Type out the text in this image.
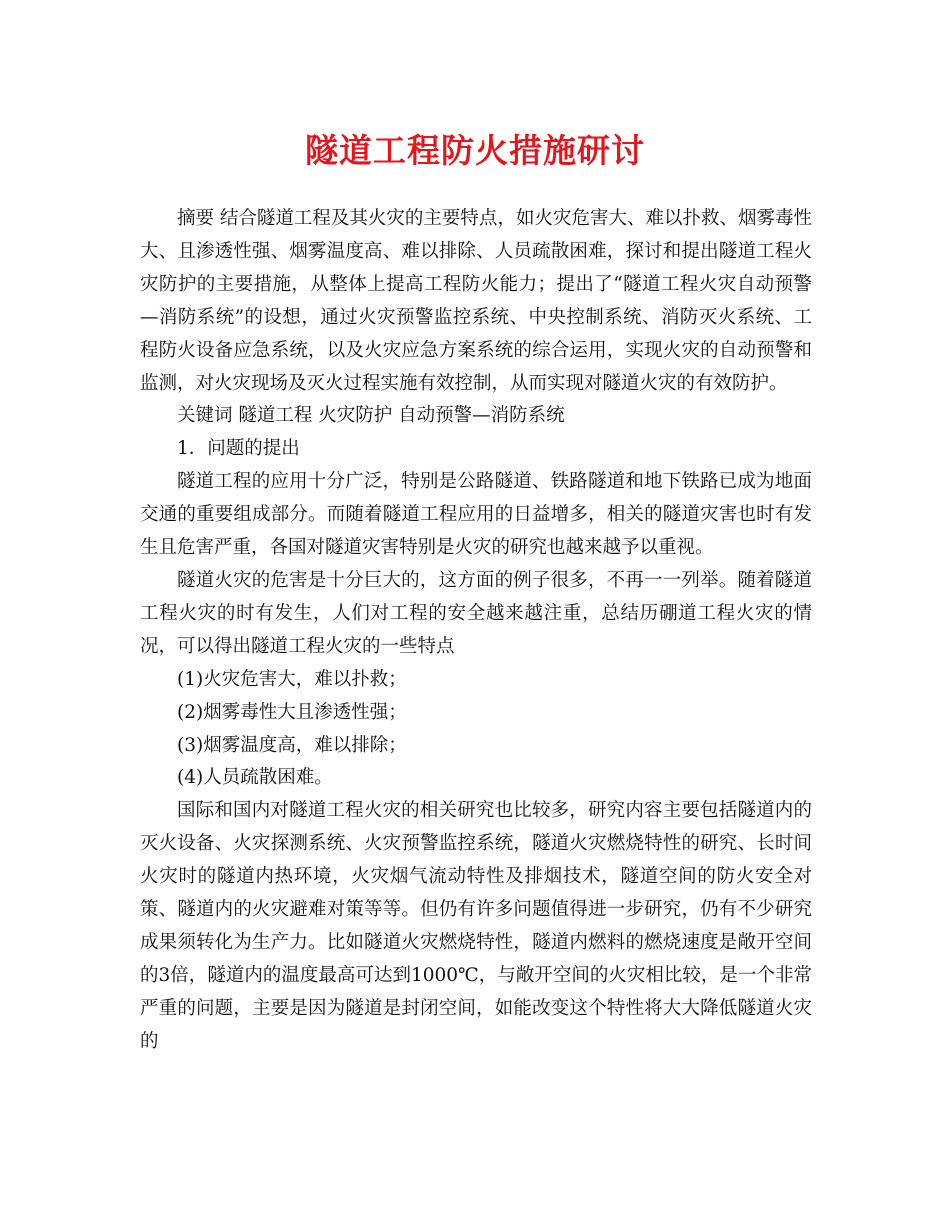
隧道工程防火措施研讨

摘要 结合隧道工程及其火灾的主要特点，如火灾危害大、难以扑救、烟雾毒性大、且渗透性强、烟雾温度高、难以排除、人员疏散困难，探讨和提出隧道工程火灾防护的主要措施，从整体上提高工程防火能力；提出了“隧道工程火灾自动预警—消防系统”的设想，通过火灾预警监控系统、中央控制系统、消防灭火系统、工程防火设备应急系统，以及火灾应急方案系统的综合运用，实现火灾的自动预警和监测，对火灾现场及灭火过程实施有效控制，从而实现对隧道火灾的有效防护。

关键词 隧道工程 火灾防护 自动预警—消防系统

1．问题的提出

隧道工程的应用十分广泛，特别是公路隧道、铁路隧道和地下铁路已成为地面交通的重要组成部分。而随着隧道工程应用的日益增多，相关的隧道灾害也时有发生且危害严重，各国对隧道灾害特别是火灾的研究也越来越予以重视。

隧道火灾的危害是十分巨大的，这方面的例子很多，不再一一列举。随着隧道工程火灾的时有发生，人们对工程的安全越来越注重，总结历硼道工程火灾的情况，可以得出隧道工程火灾的一些特点

(1)火灾危害大，难以扑救；

(2)烟雾毒性大且渗透性强；

(3)烟雾温度高，难以排除；

(4)人员疏散困难。

国际和国内对隧道工程火灾的相关研究也比较多，研究内容主要包括隧道内的灭火设备、火灾探测系统、火灾预警监控系统，隧道火灾燃烧特性的研究、长时间火灾时的隧道内热环境，火灾烟气流动特性及排烟技术，隧道空间的防火安全对策、隧道内的火灾避难对策等等。但仍有许多问题值得进一步研究，仍有不少研究成果须转化为生产力。比如隧道火灾燃烧特性，隧道内燃料的燃烧速度是敞开空间的3倍，隧道内的温度最高可达到1000℃，与敞开空间的火灾相比较，是一个非常严重的问题，主要是因为隧道是封闭空间，如能改变这个特性将大大降低隧道火灾的
